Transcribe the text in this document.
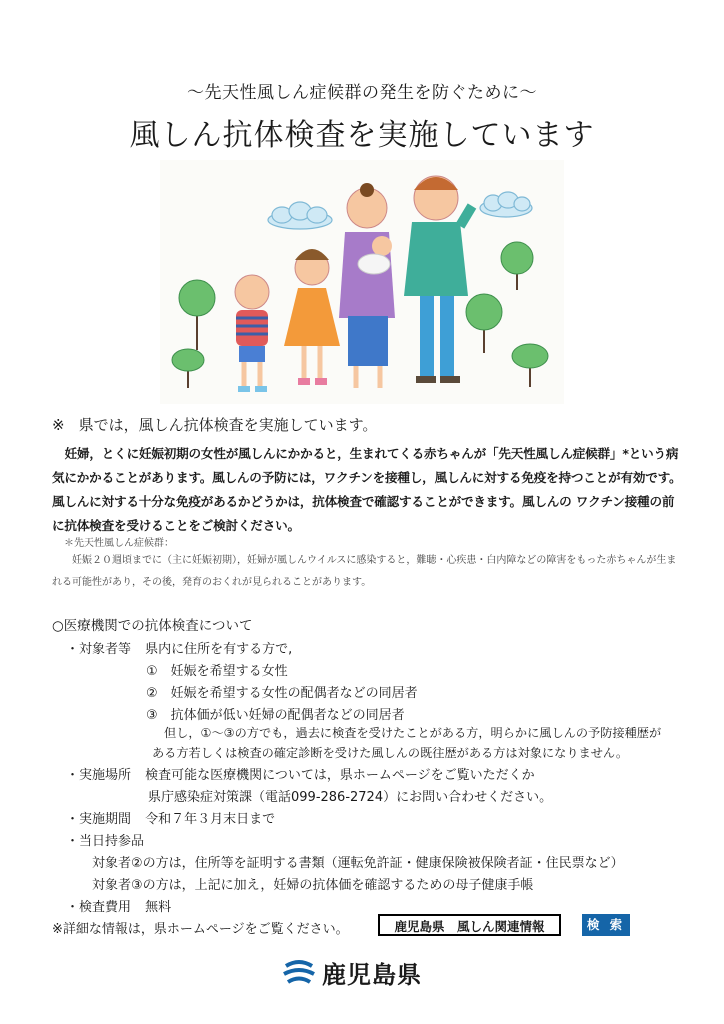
〜先天性風しん症候群の発生を防ぐために〜
風しん抗体検査を実施しています
※ 県では，風しん抗体検査を実施しています。
妊婦，とくに妊娠初期の女性が風しんにかかると，生まれてくる赤ちゃんが「先天性風しん症候群」*という病気にかかることがあります。風しんの予防には，ワクチンを接種し，風しんに対する免疫を持つことが有効です。風しんに対する十分な免疫があるかどうかは，抗体検査で確認することができます。風しんの ワクチン接種の前に抗体検査を受けることをご検討ください。
＊先天性風しん症候群：
妊娠２０週頃までに（主に妊娠初期），妊婦が風しんウイルスに感染すると，難聴・心疾患・白内障などの障害をもった赤ちゃんが生まれる可能性があり，その後，発育のおくれが見られることがあります。
○医療機関での抗体検査について
・ 対象者等 県内に住所を有する方で,
①　妊娠を希望する女性
②　妊娠を希望する女性の配偶者などの同居者
③　抗体価が低い妊婦の配偶者などの同居者
但し，①〜③の方でも，過去に検査を受けたことがある方，明らかに風しんの予防接種歴が
ある方若しくは検査の確定診断を受けた風しんの既往歴がある方は対象になりません。
・ 実施場所 検査可能な医療機関については，県ホームページをご覧いただくか
県庁感染症対策課（電話099-286-2724）にお問い合わせください。
・ 実施期間 令和７年３月末日まで
・ 当日持参品
対象者②の方は，住所等を証明する書類（運転免許証・健康保険被保険者証・住民票など）
対象者③の方は，上記に加え，妊婦の抗体価を確認するための母子健康手帳
・ 検査費用 無料
※詳細な情報は，県ホームページをご覧ください。	鹿児島県　風しん関連情報	検 索
鹿児島県
